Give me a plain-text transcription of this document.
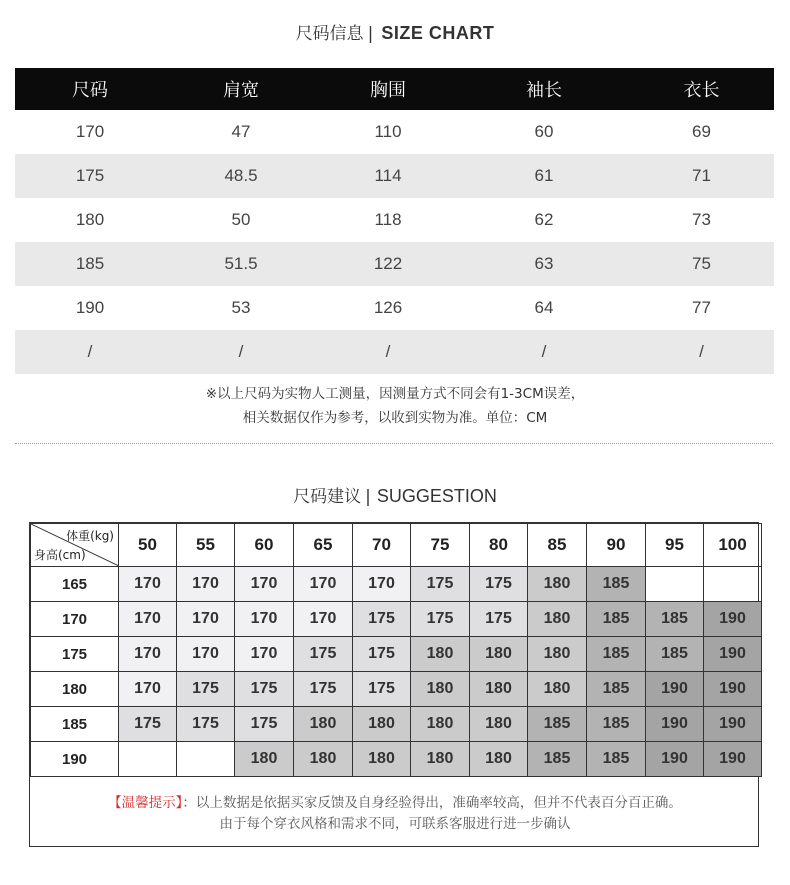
尺码信息 | SIZE CHART
尺码	肩宽	胸围	袖长	衣长
170	47	110	60	69
175	48.5	114	61	71
180	50	118	62	73
185	51.5	122	63	75
190	53	126	64	77
/	/	/	/	/
※以上尺码为实物人工测量，因测量方式不同会有1-3CM误差，
相关数据仅作为参考，以收到实物为准。单位：CM
尺码建议 | SUGGESTION
体重(kg)
身高(cm)	50	55	60	65	70	75	80	85	90	95	100
165	170	170	170	170	170	175	175	180	185		
170	170	170	170	170	175	175	175	180	185	185	190
175	170	170	170	175	175	180	180	180	185	185	190
180	170	175	175	175	175	180	180	180	185	190	190
185	175	175	175	180	180	180	180	185	185	190	190
190			180	180	180	180	180	185	185	190	190
【温馨提示】：以上数据是依据买家反馈及自身经验得出，准确率较高，但并不代表百分百正确。
由于每个穿衣风格和需求不同，可联系客服进行进一步确认
